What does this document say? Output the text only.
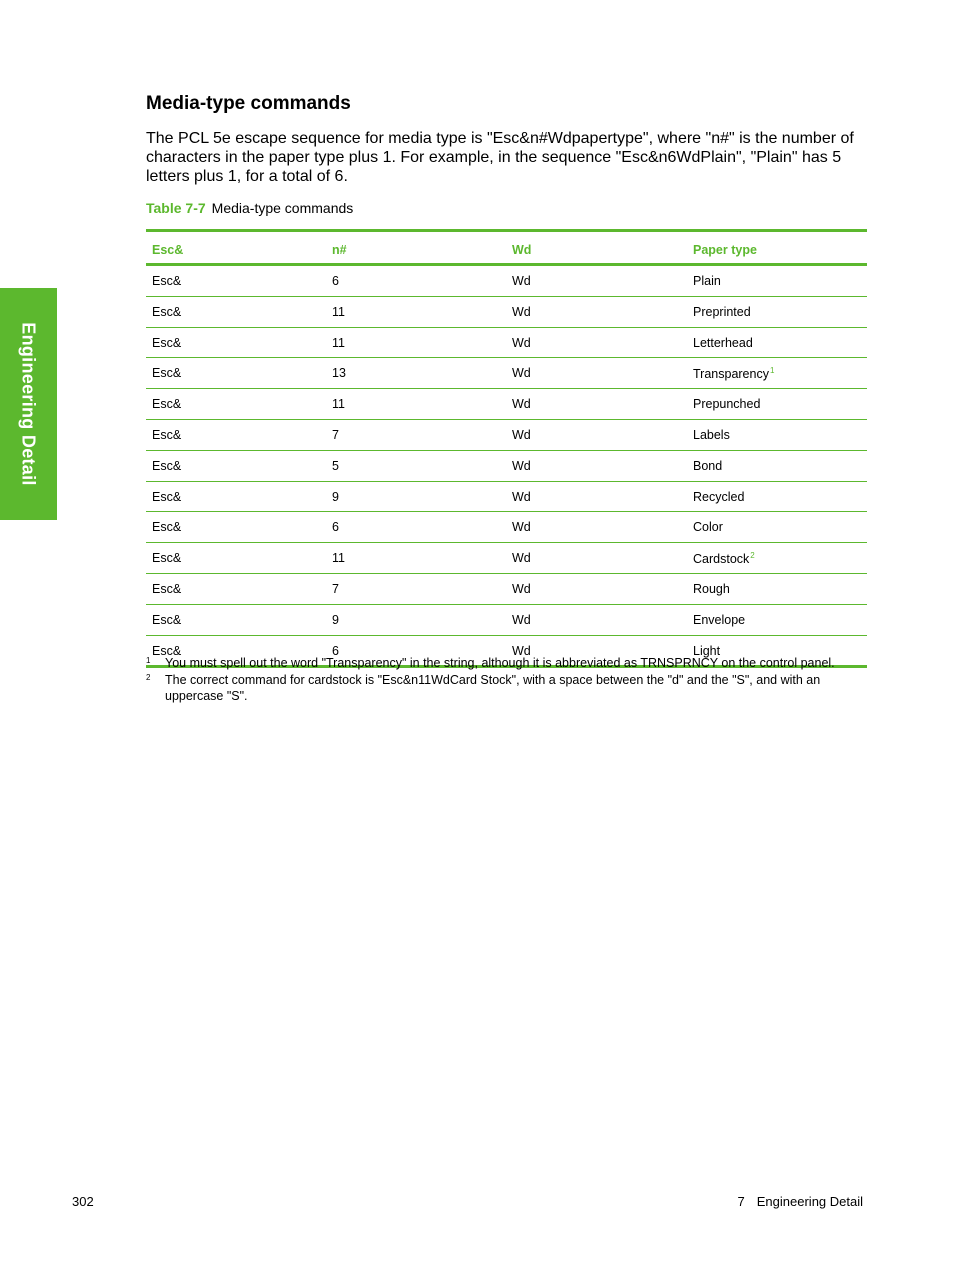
Engineering Detail
Media-type commands

The PCL 5e escape sequence for media type is "Esc&n#Wdpapertype", where "n#" is the number of characters in the paper type plus 1. For example, in the sequence "Esc&n6WdPlain", "Plain" has 5 letters plus 1, for a total of 6.

Table 7-7 Media-type commands
Esc&	n#	Wd	Paper type
Esc&	6	Wd	Plain
Esc&	11	Wd	Preprinted
Esc&	11	Wd	Letterhead
Esc&	13	Wd	Transparency$^1$
Esc&	11	Wd	Prepunched
Esc&	7	Wd	Labels
Esc&	5	Wd	Bond
Esc&	9	Wd	Recycled
Esc&	6	Wd	Color
Esc&	11	Wd	Cardstock$^2$
Esc&	7	Wd	Rough
Esc&	9	Wd	Envelope
Esc&	6	Wd	Light
1	You must spell out the word "Transparency" in the string, although it is abbreviated as TRNSPRNCY on the control panel.
2	The correct command for cardstock is "Esc&n11WdCard Stock", with a space between the "d" and the "S", and with an uppercase "S".
302	7 Engineering Detail
